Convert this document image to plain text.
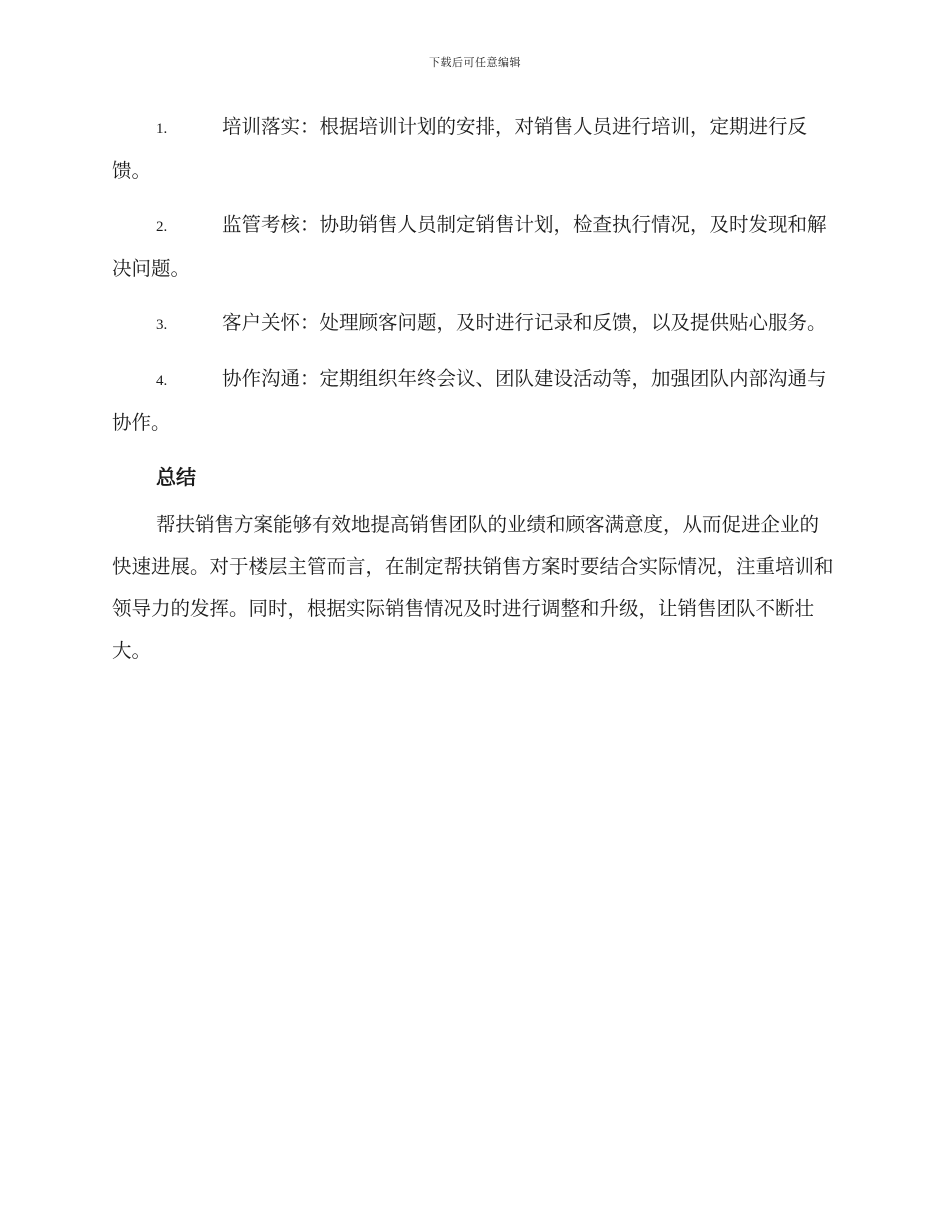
下载后可任意编辑

1.	培训落实：根据培训计划的安排，对销售人员进行培训，定期进行反馈。

2.	监管考核：协助销售人员制定销售计划，检查执行情况，及时发现和解决问题。

3.	客户关怀：处理顾客问题，及时进行记录和反馈，以及提供贴心服务。

4.	协作沟通：定期组织年终会议、团队建设活动等，加强团队内部沟通与协作。

总结

帮扶销售方案能够有效地提高销售团队的业绩和顾客满意度，从而促进企业的快速进展。对于楼层主管而言，在制定帮扶销售方案时要结合实际情况，注重培训和领导力的发挥。同时，根据实际销售情况及时进行调整和升级，让销售团队不断壮大。
